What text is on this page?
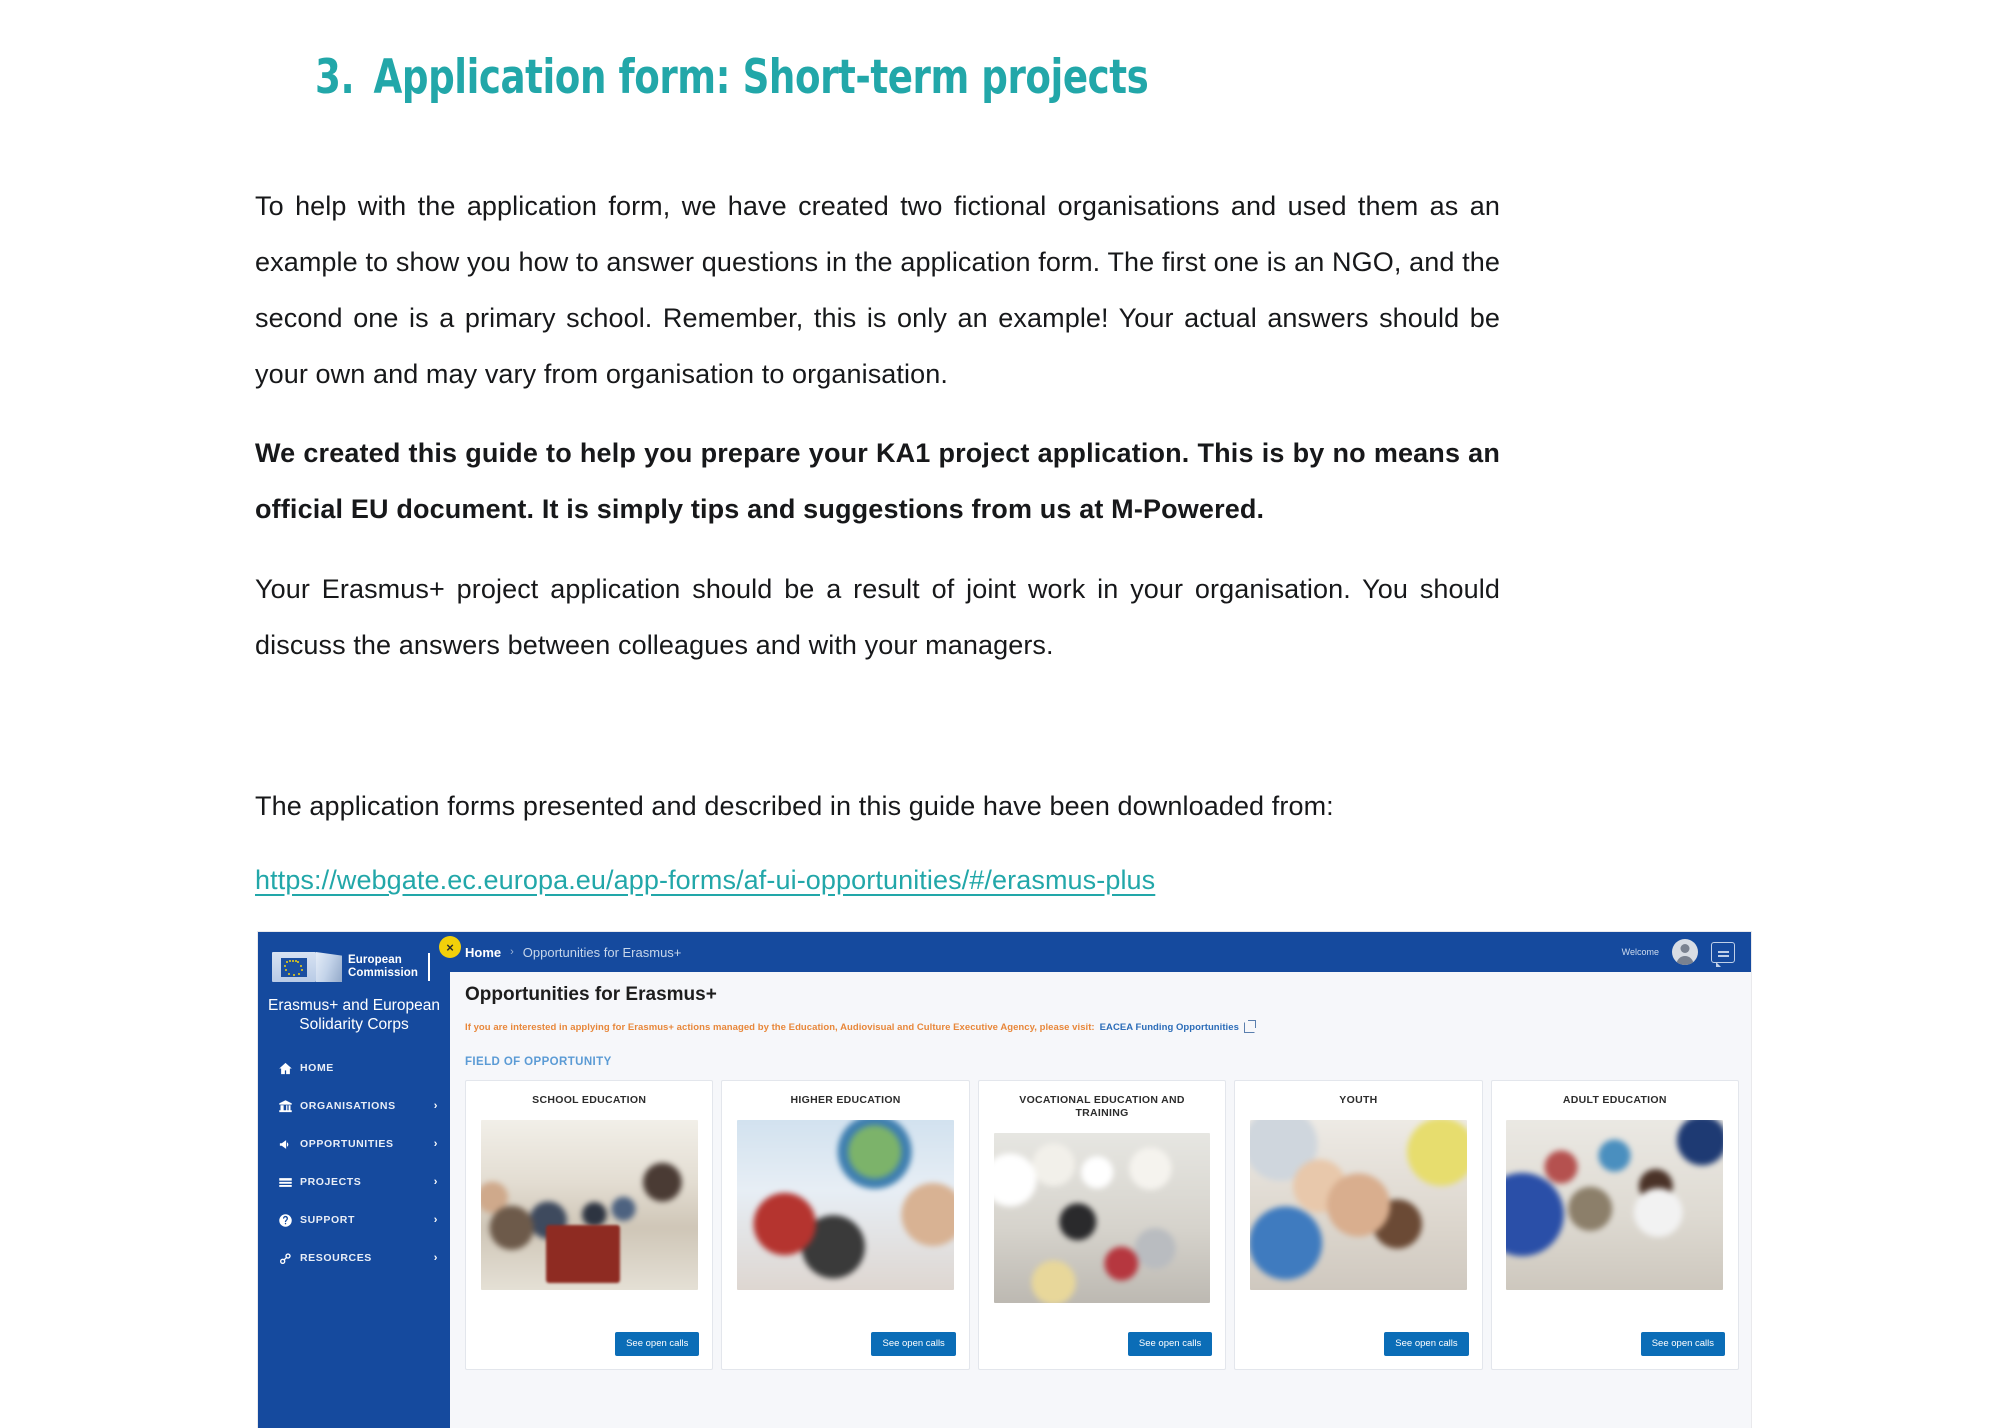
3. Application form: Short-term projects

To help with the application form, we have created two fictional organisations and used them as an example to show you how to answer questions in the application form. The first one is an NGO, and the second one is a primary school. Remember, this is only an example! Your actual answers should be your own and may vary from organisation to organisation.

We created this guide to help you prepare your KA1 project application. This is by no means an official EU document. It is simply tips and suggestions from us at M-Powered.

Your Erasmus+ project application should be a result of joint work in your organisation. You should discuss the answers between colleagues and with your managers.

The application forms presented and described in this guide have been downloaded from:

https://webgate.ec.europa.eu/app-forms/af-ui-opportunities/#/erasmus-plus
×
European
Commission
Erasmus+ and European Solidarity Corps
HOME
ORGANISATIONS	›
OPPORTUNITIES	›
PROJECTS	›
SUPPORT	›
RESOURCES	›
Home › Opportunities for Erasmus+	Welcome
Opportunities for Erasmus+
If you are interested in applying for Erasmus+ actions managed by the Education, Audiovisual and Culture Executive Agency, please visit: EACEA Funding Opportunities
FIELD OF OPPORTUNITY
SCHOOL EDUCATION
See open calls
HIGHER EDUCATION
See open calls
VOCATIONAL EDUCATION AND TRAINING
See open calls
YOUTH
See open calls
ADULT EDUCATION
See open calls
